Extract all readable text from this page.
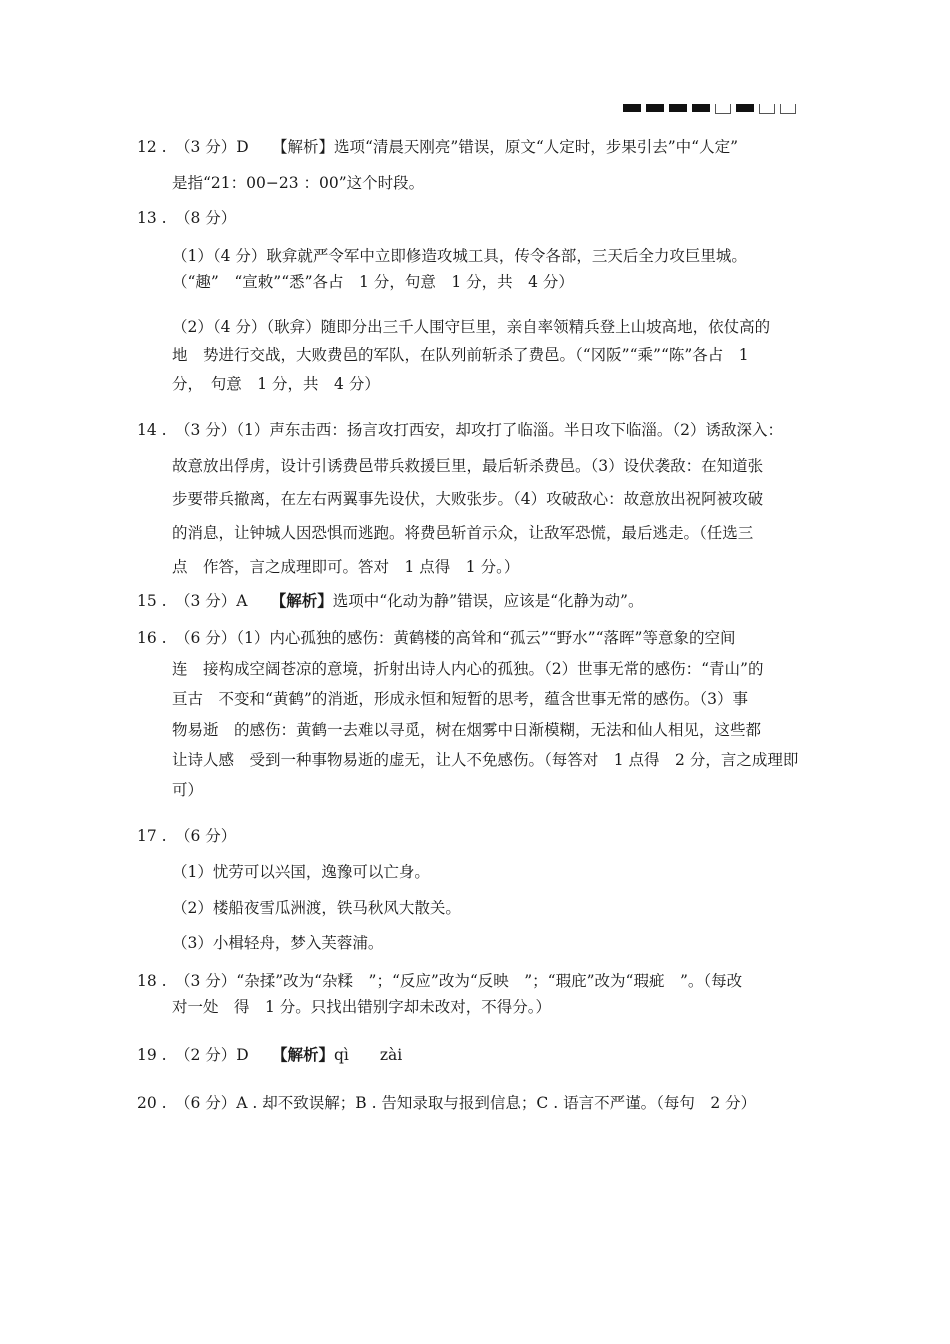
12 . （3 分）D　　【解析】选项“清晨天刚亮”错误，原文“人定时，步果引去”中“人定”
是指“21：00−23 ：00”这个时段。
13 . （8 分）
（1）（4 分）耿弇就严令军中立即修造攻城工具，传令各部，三天后全力攻巨里城。
（“趣”　“宣敕”“悉”各占　1 分，句意　1 分，共　4 分）
（2）（4 分）（耿弇）随即分出三千人围守巨里，亲自率领精兵登上山坡高地，依仗高的
地　势进行交战，大败费邑的军队，在队列前斩杀了费邑。（“冈阪”“乘”“陈”各占　1
分，　句意　1 分，共　4 分）
14 . （3 分）（1）声东击西：扬言攻打西安，却攻打了临淄。半日攻下临淄。（2）诱敌深入：
故意放出俘虏，设计引诱费邑带兵救援巨里，最后斩杀费邑。（3）设伏袭敌：在知道张
步要带兵撤离，在左右两翼事先设伏，大败张步。（4）攻破敌心：故意放出祝阿被攻破
的消息，让钟城人因恐惧而逃跑。将费邑斩首示众，让敌军恐慌，最后逃走。（任选三
点　作答，言之成理即可。答对　1 点得　1 分。）
15 . （3 分）A　　【解析】选项中“化动为静”错误，应该是“化静为动”。
16 . （6 分）（1）内心孤独的感伤：黄鹤楼的高耸和“孤云”“野水”“落晖”等意象的空间
连　接构成空阔苍凉的意境，折射出诗人内心的孤独。（2）世事无常的感伤：“青山”的
亘古　不变和“黄鹤”的消逝，形成永恒和短暂的思考，蕴含世事无常的感伤。（3）事
物易逝　的感伤：黄鹤一去难以寻觅，树在烟雾中日渐模糊，无法和仙人相见，这些都
让诗人感　受到一种事物易逝的虚无，让人不免感伤。（每答对　1 点得　2 分，言之成理即
可）
17 . （6 分）
（1）忧劳可以兴国，逸豫可以亡身。
（2）楼船夜雪瓜洲渡，铁马秋风大散关。
（3）小楫轻舟，梦入芙蓉浦。
18 . （3 分）“杂揉”改为“杂糅　”；“反应”改为“反映　”；“瑕庇”改为“瑕疵　”。（每改
对一处　得　1 分。只找出错别字却未改对，不得分。）
19 . （2 分）D　　【解析】qì　　zài
20 . （6 分）A . 却不致误解；B . 告知录取与报到信息；C . 语言不严谨。（每句　2 分）
